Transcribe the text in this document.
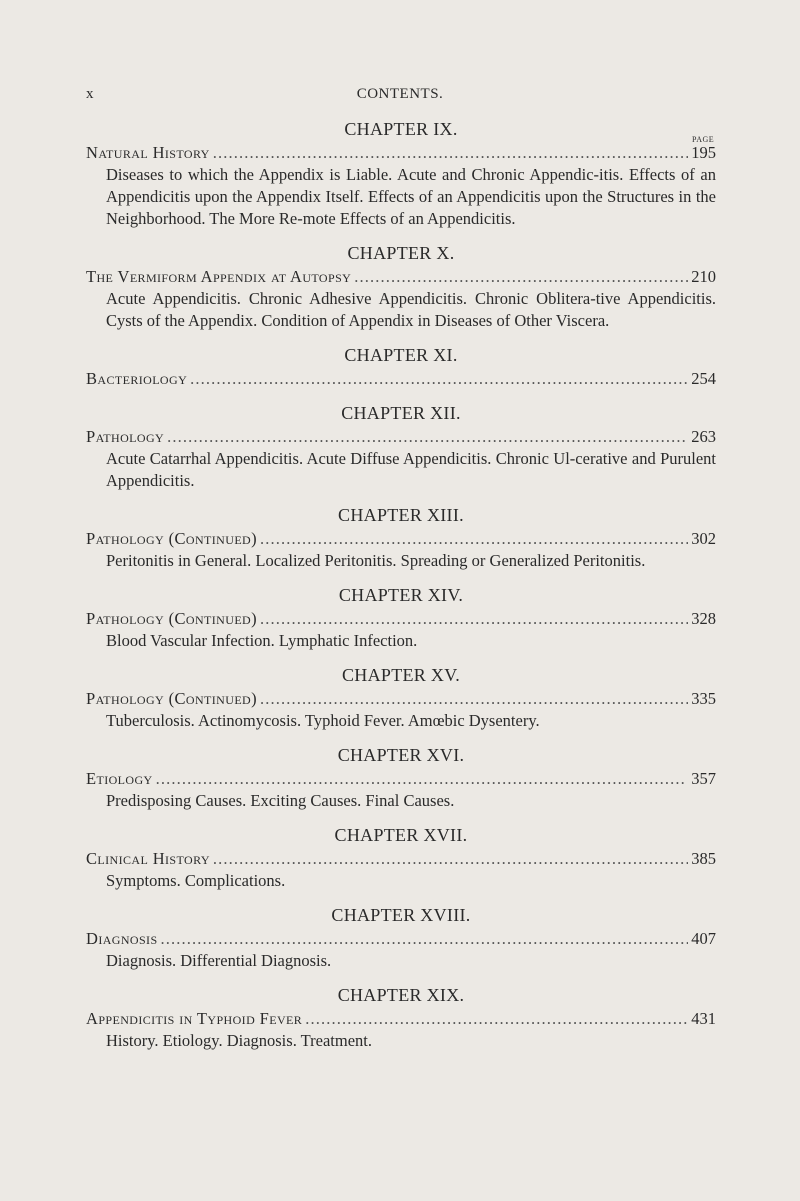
x	CONTENTS.
PAGE
CHAPTER IX.
Natural History . . .	195
Diseases to which the Appendix is Liable. Acute and Chronic Appendic-itis. Effects of an Appendicitis upon the Appendix Itself. Effects of an Appendicitis upon the Structures in the Neighborhood. The More Re-mote Effects of an Appendicitis.
CHAPTER X.
The Vermiform Appendix at Autopsy . . .	210
Acute Appendicitis. Chronic Adhesive Appendicitis. Chronic Oblitera-tive Appendicitis. Cysts of the Appendix. Condition of Appendix in Diseases of Other Viscera.
CHAPTER XI.
Bacteriology . . .	254
CHAPTER XII.
Pathology . . .	263
Acute Catarrhal Appendicitis. Acute Diffuse Appendicitis. Chronic Ul-cerative and Purulent Appendicitis.
CHAPTER XIII.
Pathology (Continued) . . .	302
Peritonitis in General. Localized Peritonitis. Spreading or Generalized Peritonitis.
CHAPTER XIV.
Pathology (Continued) . . .	328
Blood Vascular Infection. Lymphatic Infection.
CHAPTER XV.
Pathology (Continued) . . .	335
Tuberculosis. Actinomycosis. Typhoid Fever. Amœbic Dysentery.
CHAPTER XVI.
Etiology . . .	357
Predisposing Causes. Exciting Causes. Final Causes.
CHAPTER XVII.
Clinical History . . .	385
Symptoms. Complications.
CHAPTER XVIII.
Diagnosis . . .	407
Diagnosis. Differential Diagnosis.
CHAPTER XIX.
Appendicitis in Typhoid Fever . . .	431
History. Etiology. Diagnosis. Treatment.
